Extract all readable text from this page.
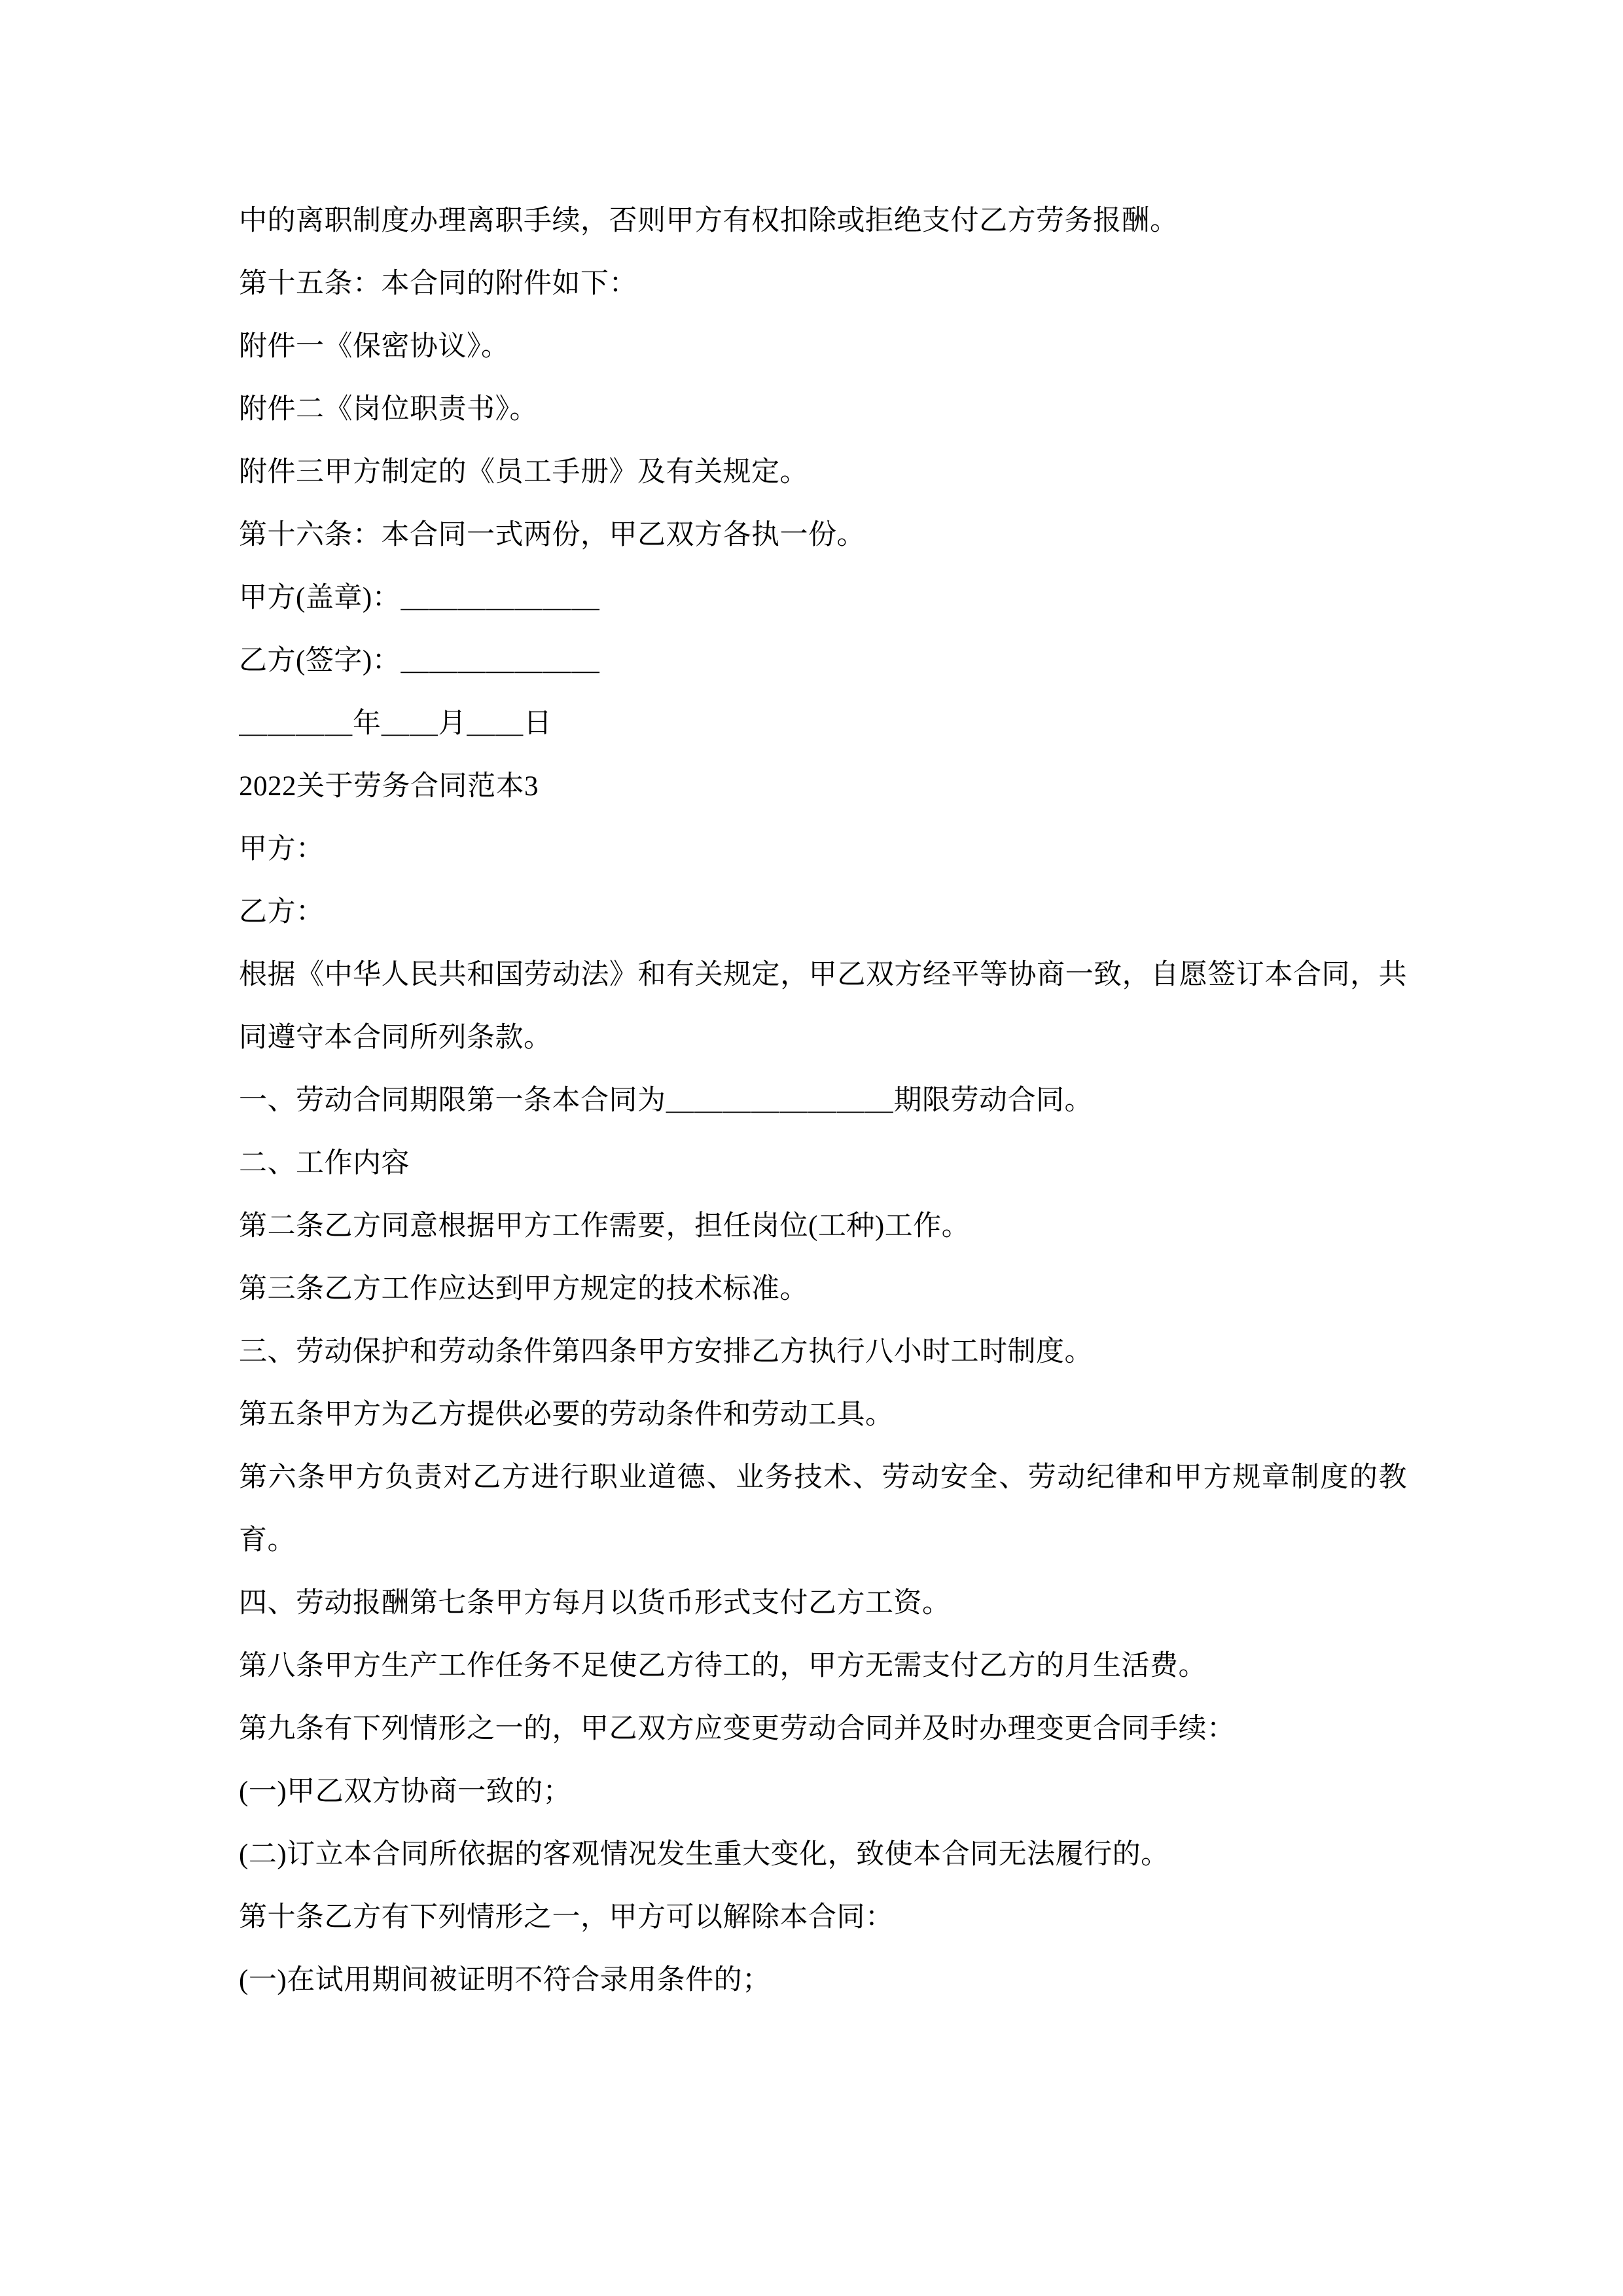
中的离职制度办理离职手续，否则甲方有权扣除或拒绝支付乙方劳务报酬。

第十五条：本合同的附件如下：

附件一《保密协议》。

附件二《岗位职责书》。

附件三甲方制定的《员工手册》及有关规定。

第十六条：本合同一式两份，甲乙双方各执一份。

甲方(盖章)：＿＿＿＿＿＿＿

乙方(签字)：＿＿＿＿＿＿＿

＿＿＿＿年＿＿月＿＿日

2022关于劳务合同范本3

甲方：

乙方：

根据《中华人民共和国劳动法》和有关规定，甲乙双方经平等协商一致，自愿签订本合同，共同遵守本合同所列条款。

一、劳动合同期限第一条本合同为＿＿＿＿＿＿＿＿期限劳动合同。

二、工作内容

第二条乙方同意根据甲方工作需要，担任岗位(工种)工作。

第三条乙方工作应达到甲方规定的技术标准。

三、劳动保护和劳动条件第四条甲方安排乙方执行八小时工时制度。

第五条甲方为乙方提供必要的劳动条件和劳动工具。

第六条甲方负责对乙方进行职业道德、业务技术、劳动安全、劳动纪律和甲方规章制度的教育。

四、劳动报酬第七条甲方每月以货币形式支付乙方工资。

第八条甲方生产工作任务不足使乙方待工的，甲方无需支付乙方的月生活费。

第九条有下列情形之一的，甲乙双方应变更劳动合同并及时办理变更合同手续：

(一)甲乙双方协商一致的；

(二)订立本合同所依据的客观情况发生重大变化，致使本合同无法履行的。

第十条乙方有下列情形之一，甲方可以解除本合同：

(一)在试用期间被证明不符合录用条件的；
